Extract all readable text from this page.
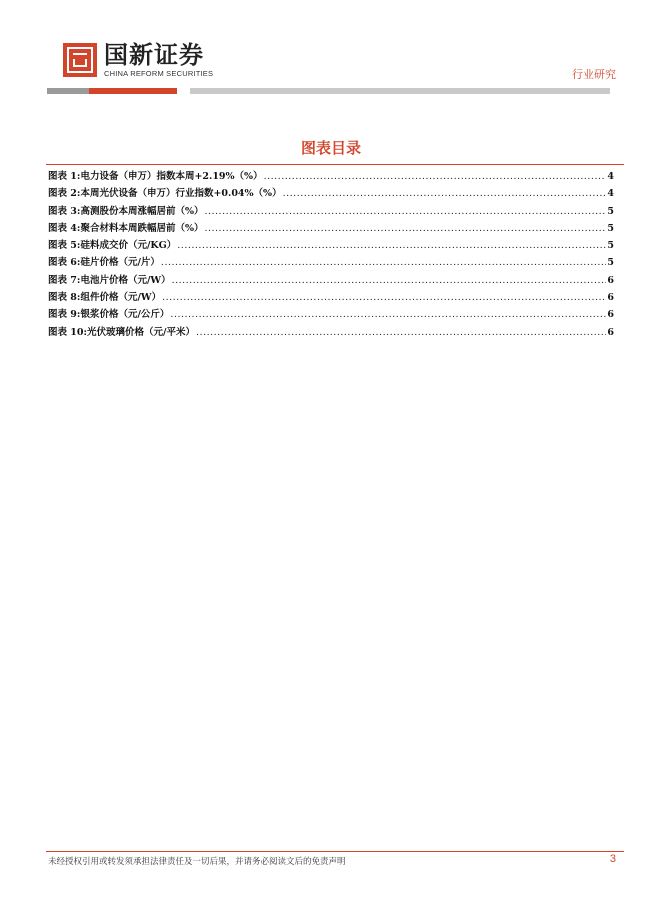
国新证券
CHINA REFORM SECURITIES	行业研究
图表目录
图表 1: 电力设备（申万）指数本周+2.19%（%） .....	4
图表 2: 本周光伏设备（申万）行业指数+0.04%（%） .....	4
图表 3: 高测股份本周涨幅居前（%） .....	5
图表 4: 聚合材料本周跌幅居前（%） .....	5
图表 5: 硅料成交价（元/KG） .....	5
图表 6: 硅片价格（元/片） .....	5
图表 7: 电池片价格（元/W） .....	6
图表 8: 组件价格（元/W） .....	6
图表 9: 银浆价格（元/公斤） .....	6
图表 10: 光伏玻璃价格（元/平米） .....	6
未经授权引用或转发须承担法律责任及一切后果，并请务必阅读文后的免责声明	3
